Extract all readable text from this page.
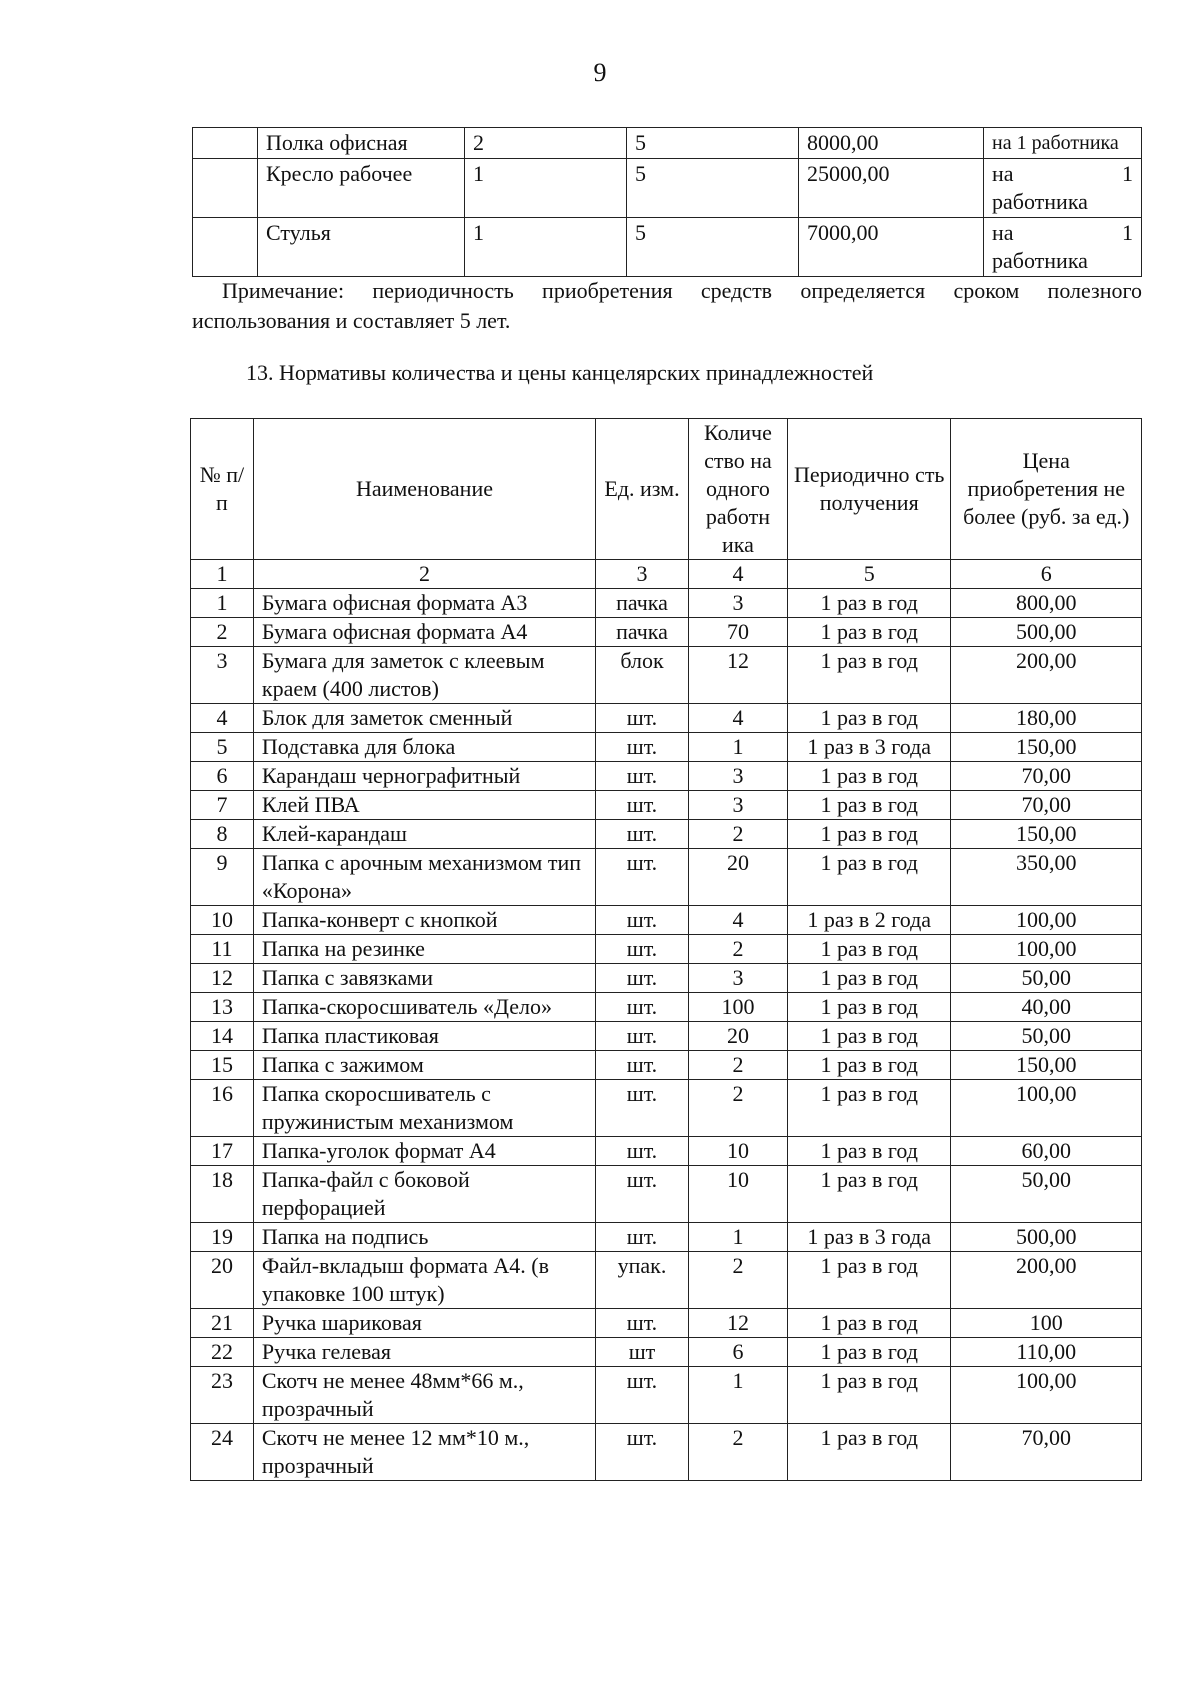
9
	Полка офисная	2	5	8000,00	на 1 работника
	Кресло рабочее	1	5	25000,00	на 1
работника

	Стулья	1	5	7000,00	на 1
работника
Примечание: периодичность приобретения средств определяется сроком полезного использования и составляет 5 лет.
13. Нормативы количества и цены канцелярских принадлежностей
№ п/п	Наименование	Ед. изм.	Количе ство на одного работн ика	Периодично сть получения	Цена приобретения не более (руб. за ед.)
1	2	3	4	5	6
1	Бумага офисная формата А3	пачка	3	1 раз в год	800,00
2	Бумага офисная формата А4	пачка	70	1 раз в год	500,00
3	Бумага для заметок с клеевым краем (400 листов)	блок	12	1 раз в год	200,00
4	Блок для заметок сменный	шт.	4	1 раз в год	180,00
5	Подставка для блока	шт.	1	1 раз в 3 года	150,00
6	Карандаш чернографитный	шт.	3	1 раз в год	70,00
7	Клей ПВА	шт.	3	1 раз в год	70,00
8	Клей-карандаш	шт.	2	1 раз в год	150,00
9	Папка с арочным механизмом тип «Корона»	шт.	20	1 раз в год	350,00
10	Папка-конверт с кнопкой	шт.	4	1 раз в 2 года	100,00
11	Папка на резинке	шт.	2	1 раз в год	100,00
12	Папка с завязками	шт.	3	1 раз в год	50,00
13	Папка-скоросшиватель «Дело»	шт.	100	1 раз в год	40,00
14	Папка пластиковая	шт.	20	1 раз в год	50,00
15	Папка с зажимом	шт.	2	1 раз в год	150,00
16	Папка скоросшиватель с пружинистым механизмом	шт.	2	1 раз в год	100,00
17	Папка-уголок формат А4	шт.	10	1 раз в год	60,00
18	Папка-файл с боковой перфорацией	шт.	10	1 раз в год	50,00
19	Папка на подпись	шт.	1	1 раз в 3 года	500,00
20	Файл-вкладыш формата А4. (в упаковке 100 штук)	упак.	2	1 раз в год	200,00
21	Ручка шариковая	шт.	12	1 раз в год	100
22	Ручка гелевая	шт	6	1 раз в год	110,00
23	Скотч не менее 48мм*66 м., прозрачный	шт.	1	1 раз в год	100,00
24	Скотч не менее 12 мм*10 м., прозрачный	шт.	2	1 раз в год	70,00
